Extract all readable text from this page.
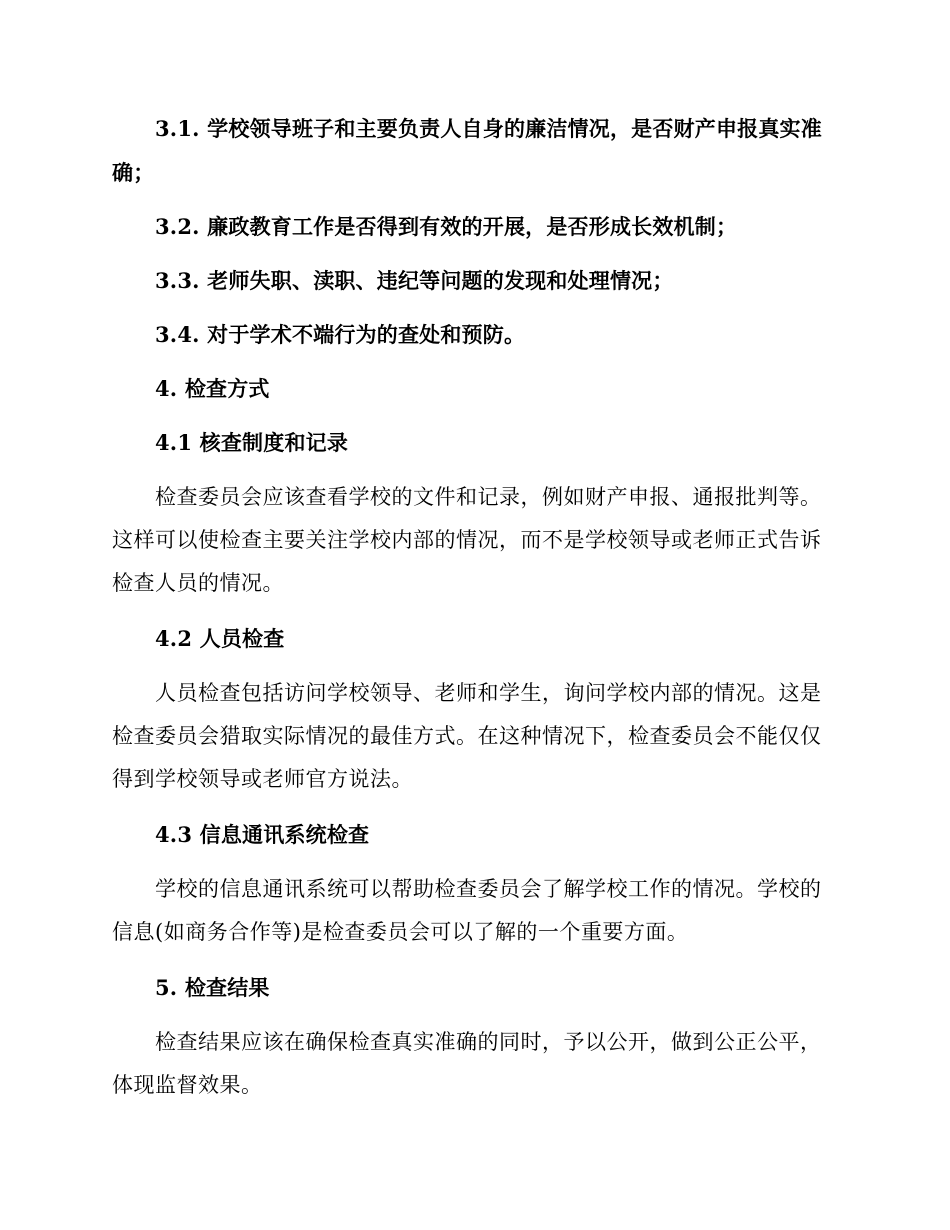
3.1. 学校领导班子和主要负责人自身的廉洁情况，是否财产申报真实准确；

3.2. 廉政教育工作是否得到有效的开展，是否形成长效机制；

3.3. 老师失职、渎职、违纪等问题的发现和处理情况；

3.4. 对于学术不端行为的查处和预防。

4. 检查方式

4.1 核查制度和记录

检查委员会应该查看学校的文件和记录，例如财产申报、通报批判等。这样可以使检查主要关注学校内部的情况，而不是学校领导或老师正式告诉检查人员的情况。

4.2 人员检查

人员检查包括访问学校领导、老师和学生，询问学校内部的情况。这是检查委员会猎取实际情况的最佳方式。在这种情况下，检查委员会不能仅仅得到学校领导或老师官方说法。

4.3 信息通讯系统检查

学校的信息通讯系统可以帮助检查委员会了解学校工作的情况。学校的信息(如商务合作等)是检查委员会可以了解的一个重要方面。

5. 检查结果

检查结果应该在确保检查真实准确的同时，予以公开，做到公正公平，体现监督效果。
